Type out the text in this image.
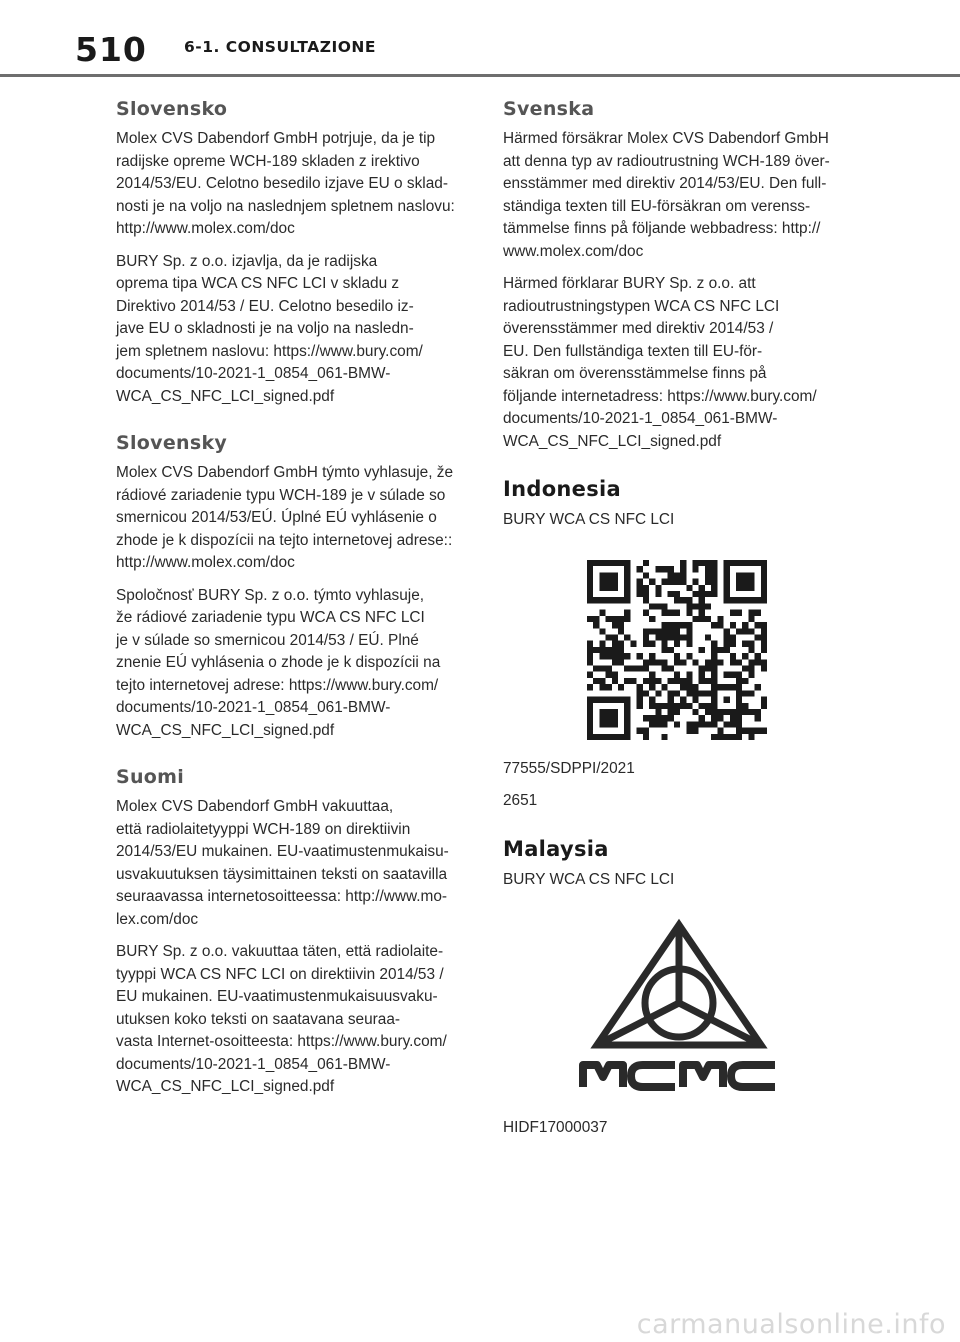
510 6-1. CONSULTAZIONE
Slovensko

Molex CVS Dabendorf GmbH potrjuje, da je tip
radijske opreme WCH-189 skladen z irektivo
2014/53/EU. Celotno besedilo izjave EU o sklad-
nosti je na voljo na naslednjem spletnem naslovu:
http://www.molex.com/doc

BURY Sp. z o.o. izjavlja, da je radijska
oprema tipa WCA CS NFC LCI v skladu z
Direktivo 2014/53 / EU. Celotno besedilo iz-
jave EU o skladnosti je na voljo na nasledn-
jem spletnem naslovu: https://www.bury.com/
documents/10-2021-1_0854_061-BMW-
WCA_CS_NFC_LCI_signed.pdf

Slovensky

Molex CVS Dabendorf GmbH týmto vyhlasuje, že
rádiové zariadenie typu WCH-189 je v súlade so
smernicou 2014/53/EÚ. Úplné EÚ vyhlásenie o
zhode je k dispozícii na tejto internetovej adrese::
http://www.molex.com/doc

Spoločnosť BURY Sp. z o.o. týmto vyhlasuje,
že rádiové zariadenie typu WCA CS NFC LCI
je v súlade so smernicou 2014/53 / EÚ. Plné
znenie EÚ vyhlásenia o zhode je k dispozícii na
tejto internetovej adrese: https://www.bury.com/
documents/10-2021-1_0854_061-BMW-
WCA_CS_NFC_LCI_signed.pdf

Suomi

Molex CVS Dabendorf GmbH vakuuttaa,
että radiolaitetyyppi WCH-189 on direktiivin
2014/53/EU mukainen. EU-vaatimustenmukaisu-
usvakuutuksen täysimittainen teksti on saatavilla
seuraavassa internetosoitteessa: http://www.mo-
lex.com/doc

BURY Sp. z o.o. vakuuttaa täten, että radiolaite-
tyyppi WCA CS NFC LCI on direktiivin 2014/53 /
EU mukainen. EU-vaatimustenmukaisuusvaku-
utuksen koko teksti on saatavana seuraa-
vasta Internet-osoitteesta: https://www.bury.com/
documents/10-2021-1_0854_061-BMW-
WCA_CS_NFC_LCI_signed.pdf

Svenska

Härmed försäkrar Molex CVS Dabendorf GmbH
att denna typ av radioutrustning WCH-189 över-
ensstämmer med direktiv 2014/53/EU. Den full-
ständiga texten till EU-försäkran om verenss-
tämmelse finns på följande webbadress: http://
www.molex.com/doc

Härmed förklarar BURY Sp. z o.o. att
radioutrustningstypen WCA CS NFC LCI
överensstämmer med direktiv 2014/53 /
EU. Den fullständiga texten till EU-för-
säkran om överensstämmelse finns på
följande internetadress: https://www.bury.com/
documents/10-2021-1_0854_061-BMW-
WCA_CS_NFC_LCI_signed.pdf

Indonesia

BURY WCA CS NFC LCI

77555/SDPPI/2021

2651

Malaysia

BURY WCA CS NFC LCI

HIDF17000037

carmanualsonline.info
